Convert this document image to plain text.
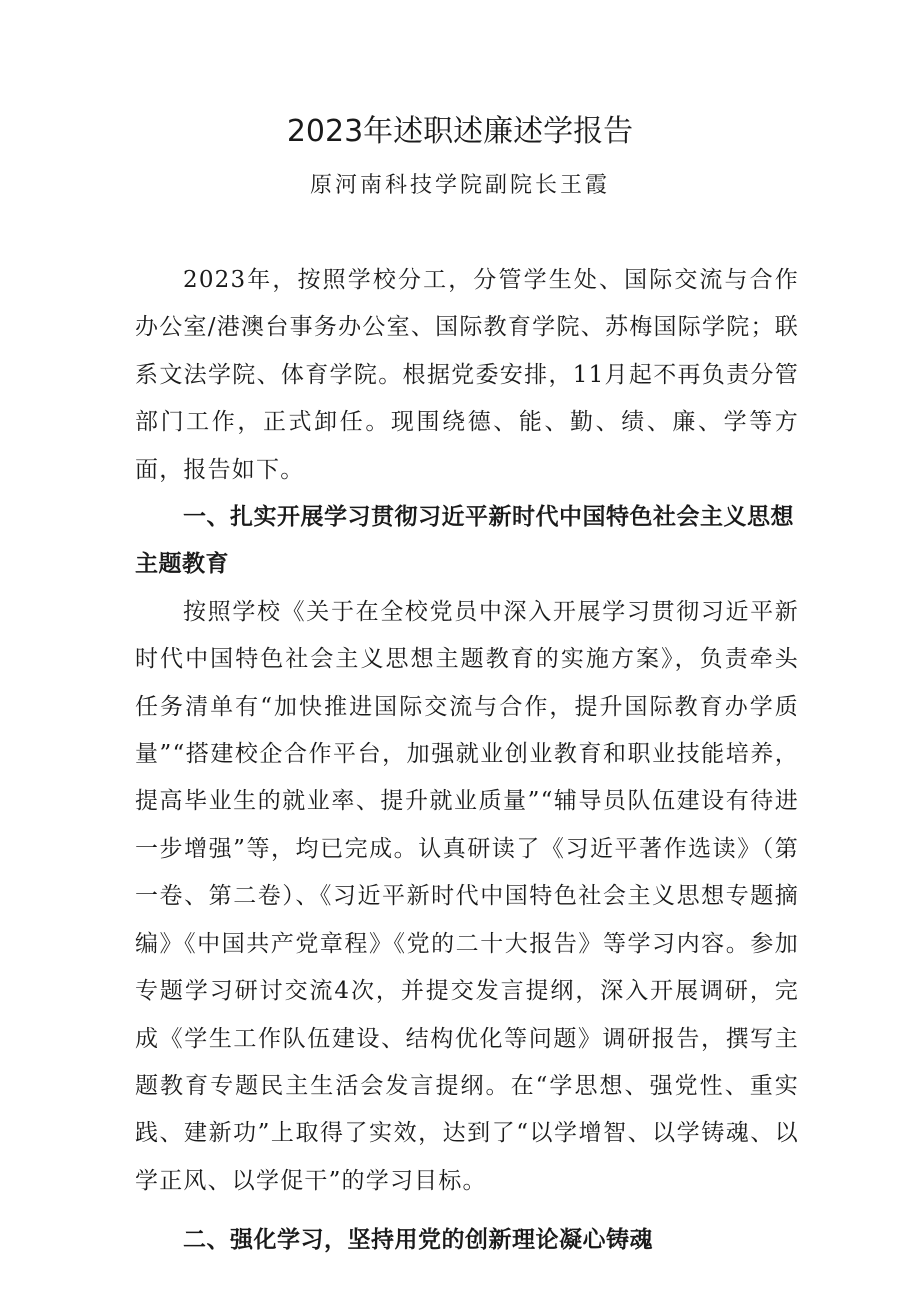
2023年述职述廉述学报告

原河南科技学院副院长王霞

2023年，按照学校分工，分管学生处、国际交流与合作办公室/港澳台事务办公室、国际教育学院、苏梅国际学院；联系文法学院、体育学院。根据党委安排，11月起不再负责分管部门工作，正式卸任。现围绕德、能、勤、绩、廉、学等方面，报告如下。

一、扎实开展学习贯彻习近平新时代中国特色社会主义思想主题教育

按照学校《关于在全校党员中深入开展学习贯彻习近平新时代中国特色社会主义思想主题教育的实施方案》，负责牵头任务清单有“加快推进国际交流与合作，提升国际教育办学质量”“搭建校企合作平台，加强就业创业教育和职业技能培养，提高毕业生的就业率、提升就业质量”“辅导员队伍建设有待进一步增强”等，均已完成。认真研读了《习近平著作选读》（第一卷、第二卷）、《习近平新时代中国特色社会主义思想专题摘编》《中国共产党章程》《党的二十大报告》等学习内容。参加专题学习研讨交流4次，并提交发言提纲，深入开展调研，完成《学生工作队伍建设、结构优化等问题》调研报告，撰写主题教育专题民主生活会发言提纲。在“学思想、强党性、重实践、建新功”上取得了实效，达到了“以学增智、以学铸魂、以学正风、以学促干”的学习目标。

二、强化学习，坚持用党的创新理论凝心铸魂
